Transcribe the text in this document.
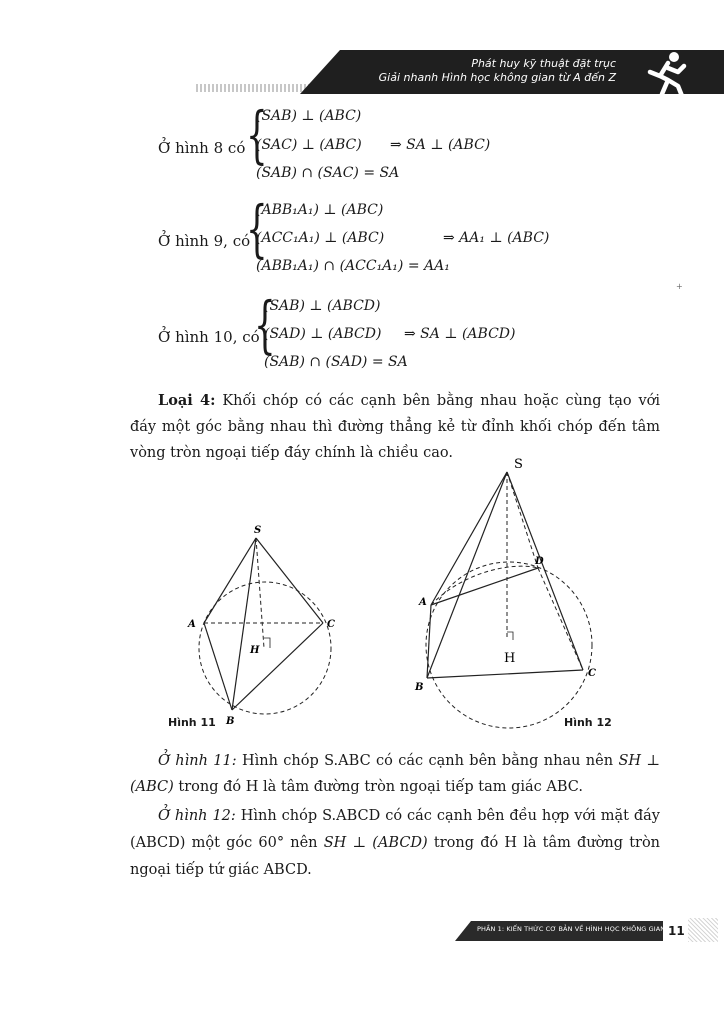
Phát huy kỹ thuật đặt trục
Giải nhanh Hình học không gian từ A đến Z
Ở hình 8 có {
(SAB) ⊥ (ABC)
(SAC) ⊥ (ABC)
(SAB) ∩ (SAC) = SA
⇒ SA ⊥ (ABC)
Ở hình 9, có
{
(ABB₁A₁) ⊥ (ABC)
(ACC₁A₁) ⊥ (ABC)
(ABB₁A₁) ∩ (ACC₁A₁) = AA₁
⇒ AA₁ ⊥ (ABC)
Ở hình 10, có
{
(SAB) ⊥ (ABCD)
(SAD) ⊥ (ABCD)
(SAB) ∩ (SAD) = SA
⇒ SA ⊥ (ABCD)
Loại 4: Khối chóp có các cạnh bên bằng nhau hoặc cùng tạo với đáy một góc bằng nhau thì đường thẳng kẻ từ đỉnh khối chóp đến tâm vòng tròn ngoại tiếp đáy chính là chiều cao.
S
A	C
B
H
Hình 11
S
A
D
C
B
H
Hình 12
Ở hình 11: Hình chóp S.ABC có các cạnh bên bằng nhau nên SH ⊥ (ABC) trong đó H là tâm đường tròn ngoại tiếp tam giác ABC.
Ở hình 12: Hình chóp S.ABCD có các cạnh bên đều hợp với mặt đáy (ABCD) một góc 60° nên SH ⊥ (ABCD) trong đó H là tâm đường tròn ngoại tiếp tứ giác ABCD.
+
PHẦN 1: KIẾN THỨC CƠ BẢN VỀ HÌNH HỌC KHÔNG GIAN 11
